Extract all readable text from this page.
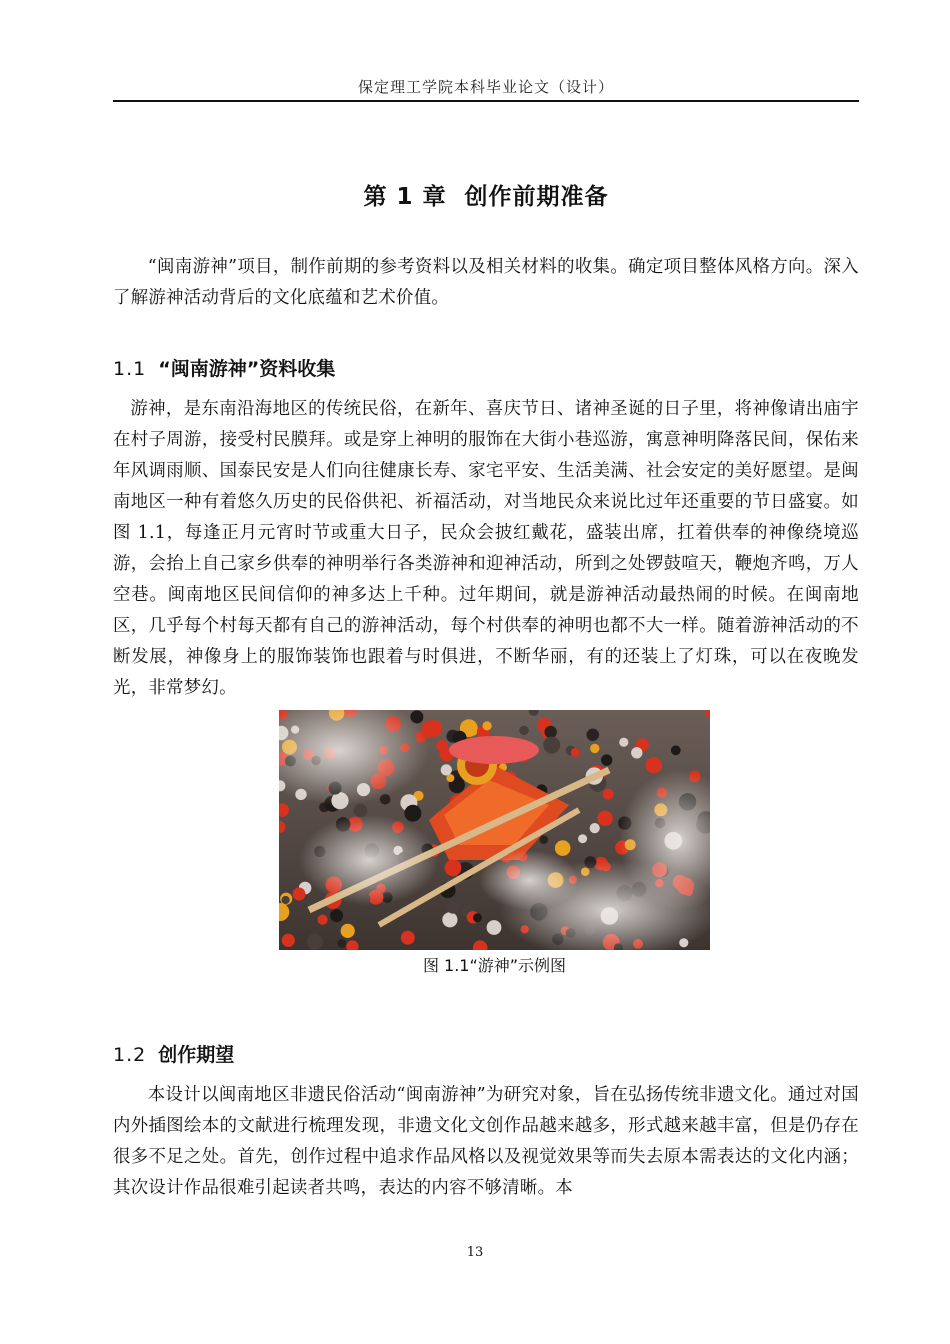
保定理工学院本科毕业论文（设计）
第 1 章 创作前期准备
“闽南游神”项目，制作前期的参考资料以及相关材料的收集。确定项目整体风格方向。深入了解游神活动背后的文化底蕴和艺术价值。
1.1 “闽南游神”资料收集
游神，是东南沿海地区的传统民俗，在新年、喜庆节日、诸神圣诞的日子里，将神像请出庙宇在村子周游，接受村民膜拜。或是穿上神明的服饰在大街小巷巡游，寓意神明降落民间，保佑来年风调雨顺、国泰民安是人们向往健康长寿、家宅平安、生活美满、社会安定的美好愿望。是闽南地区一种有着悠久历史的民俗供祀、祈福活动，对当地民众来说比过年还重要的节日盛宴。如图 1.1，每逢正月元宵时节或重大日子，民众会披红戴花，盛装出席，扛着供奉的神像绕境巡游，会抬上自己家乡供奉的神明举行各类游神和迎神活动，所到之处锣鼓喧天，鞭炮齐鸣，万人空巷。闽南地区民间信仰的神多达上千种。过年期间，就是游神活动最热闹的时候。在闽南地区，几乎每个村每天都有自己的游神活动，每个村供奉的神明也都不大一样。随着游神活动的不断发展，神像身上的服饰装饰也跟着与时俱进，不断华丽，有的还装上了灯珠，可以在夜晚发光，非常梦幻。
图 1.1“游神”示例图
1.2 创作期望
本设计以闽南地区非遗民俗活动“闽南游神”为研究对象，旨在弘扬传统非遗文化。通过对国内外插图绘本的文献进行梳理发现，非遗文化文创作品越来越多，形式越来越丰富，但是仍存在很多不足之处。首先，创作过程中追求作品风格以及视觉效果等而失去原本需表达的文化内涵；其次设计作品很难引起读者共鸣，表达的内容不够清晰。本
13
